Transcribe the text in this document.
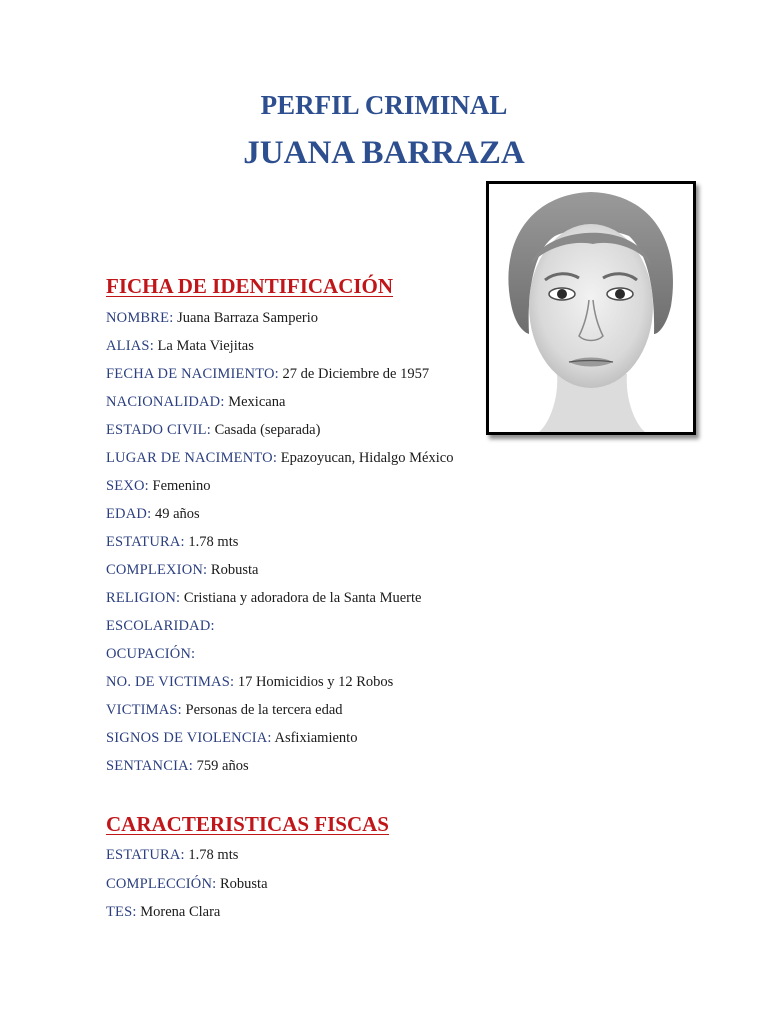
PERFIL CRIMINAL
JUANA BARRAZA
FICHA DE IDENTIFICACIÓN
NOMBRE: Juana Barraza Samperio
ALIAS: La Mata Viejitas
FECHA DE NACIMIENTO: 27 de Diciembre de 1957
NACIONALIDAD: Mexicana
ESTADO CIVIL: Casada (separada)
LUGAR DE NACIMENTO: Epazoyucan, Hidalgo México
SEXO: Femenino
EDAD: 49 años
ESTATURA: 1.78 mts
COMPLEXION: Robusta
RELIGION: Cristiana y adoradora de la Santa Muerte
ESCOLARIDAD:
OCUPACIÓN:
NO. DE VICTIMAS: 17 Homicidios y 12 Robos
VICTIMAS: Personas de la tercera edad
SIGNOS DE VIOLENCIA: Asfixiamiento
SENTANCIA: 759 años
CARACTERISTICAS FISCAS
ESTATURA: 1.78 mts
COMPLECCIÓN: Robusta
TES: Morena Clara
